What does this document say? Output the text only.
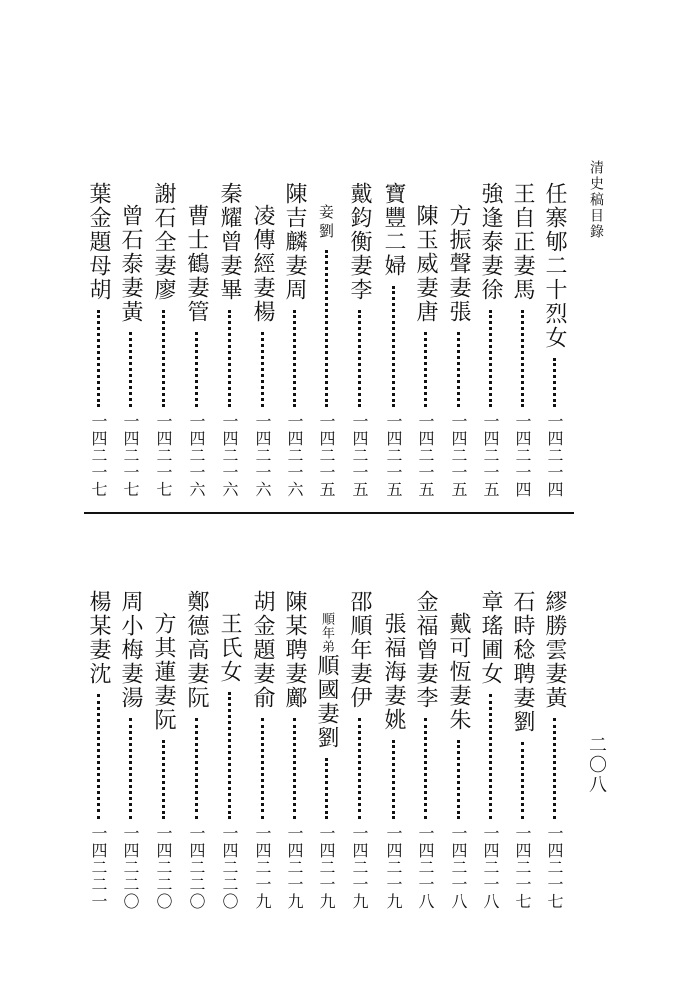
清史稿目錄
二〇八
任寨郇二十烈女
一四二一四
王自正妻馬
一四二一四
強逢泰妻徐
一四二一五
方振聲妻張
一四二一五
陳玉威妻唐
一四二一五
寶豐二婦
一四二一五
戴鈞衡妻李
一四二一五
妾劉
一四二一五
陳吉麟妻周
一四二一六
凌傳經妻楊
一四二一六
秦耀曾妻畢
一四二一六
曹士鶴妻管
一四二一六
謝石全妻廖
一四二一七
曾石泰妻黃
一四二一七
葉金題母胡
一四二一七
繆勝雲妻黃
一四二一七
石時稔聘妻劉
一四二一七
章瑤圃女
一四二一八
戴可恆妻朱
一四二一八
金福曾妻李
一四二一八
張福海妻姚
一四二一九
邵順年妻伊
一四二一九
順年弟順國妻劉
一四二一九
陳某聘妻鄺
一四二一九
胡金題妻俞
一四二一九
王氏女
一四二二〇
鄭德高妻阮
一四二二〇
方其蓮妻阮
一四二二〇
周小梅妻湯
一四二二〇
楊某妻沈
一四二二一
